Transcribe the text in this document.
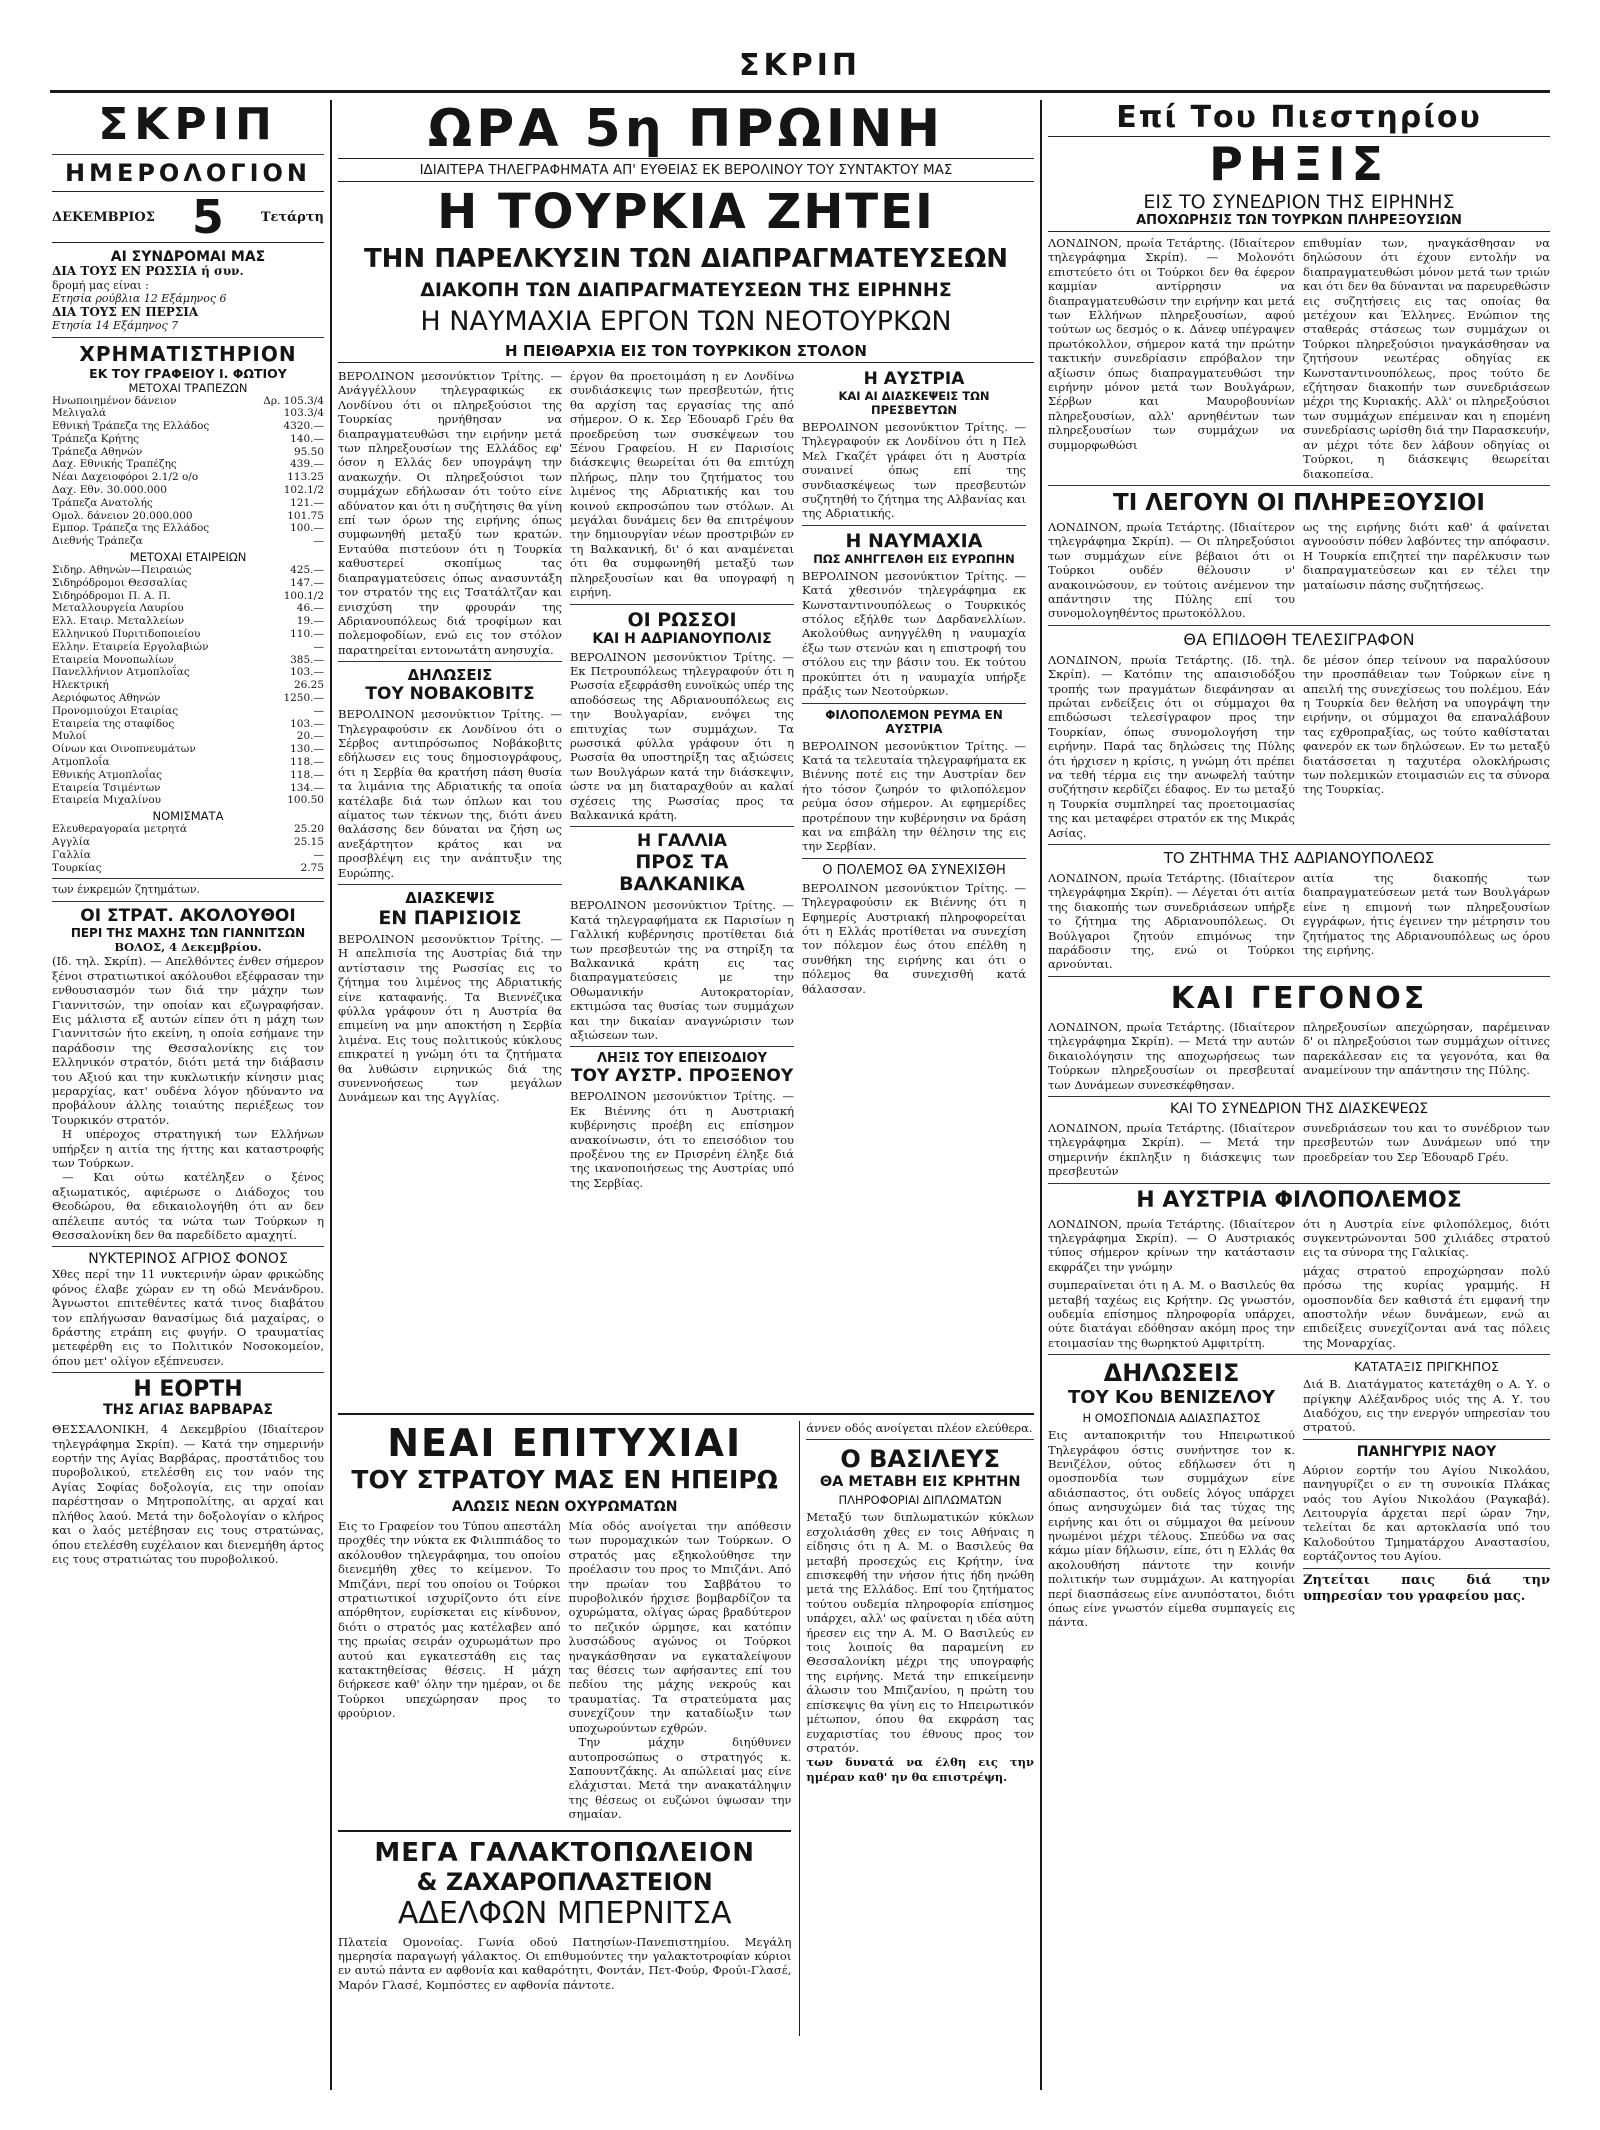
ΣΚΡΙΠ
ΣΚΡΙΠ
ΗΜΕΡΟΛΟΓΙΟΝ
ΔΕΚΕΜΒΡΙΟΣ 5	Τετάρτη
ΑΙ ΣΥΝΔΡΟΜΑΙ ΜΑΣ
ΔΙΑ ΤΟΥΣ ΕΝ ΡΩΣΣΙΑ ή συν.
δρομή μας είναι :
Ετησία ρούβλια 12 Εξάμηνος 6
ΔΙΑ ΤΟΥΣ ΕΝ ΠΕΡΣΙΑ
Ετησία 14 Εξάμηνος 7
ΧΡΗΜΑΤΙΣΤΗΡΙΟΝ
ΕΚ ΤΟΥ ΓΡΑΦΕΙΟΥ Ι. ΦΩΤΙΟΥ
ΜΕΤΟΧΑΙ ΤΡΑΠΕΖΩΝ
Ηνωποιημένον δάνειον	Δρ. 105.3/4
Μελιγαλά	103.3/4
Εθνική Τράπεζα της Ελλάδος	4320.—
Τράπεζα Κρήτης	140.—
Τράπεζα Αθηνών	95.50
Δαχ. Εθνικής Τραπέζης	439.—
Νέαι Δαχειοφόροι 2.1/2 ο/ο	113.25
Δαχ. Εθν. 30.000.000	102.1/2
Τράπεζα Ανατολής	121.—
Ομολ. δάνειον 20.000.000	101.75
Εμπορ. Τράπεζα της Ελλάδος	100.—
Διεθνής Τράπεζα	—
ΜΕΤΟΧΑΙ ΕΤΑΙΡΕΙΩΝ
Σιδηρ. Αθηνών—Πειραιώς	425.—
Σιδηρόδρομοι Θεσσαλίας	147.—
Σιδηρόδρομοι Π. Α. Π.	100.1/2
Μεταλλουργεία Λαυρίου	46.—
Ελλ. Εταιρ. Μεταλλείων	19.—
Ελληνικού Πυριτιδοποιείου	110.—
Ελλην. Εταιρεία Εργολαβιών	—
Εταιρεία Μονοπωλίων	385.—
Πανελλήνιον Ατμοπλοΐας	103.—
Ηλεκτρική	26.25
Αεριόφωτος Αθηνών	1250.—
Προνομιούχοι Εταιρίας	—
Εταιρεία της σταφίδος	103.—
Μυλοί	20.—
Οίνων και Οινοπνευμάτων	130.—
Ατμοπλοΐα	118.—
Εθνικής Ατμοπλοΐας	118.—
Εταιρεία Τσιμέντων	134.—
Εταιρεία Μιχαλίνου	100.50
ΝΟΜΙΣΜΑΤΑ
Ελευθεραγοραία μετρητά	25.20
Αγγλία	25.15
Γαλλία	—
Τουρκίας	2.75
των ένκρεμών ζητημάτων.
ΟΙ ΣΤΡΑΤ. ΑΚΟΛΟΥΘΟΙ
ΠΕΡΙ ΤΗΣ ΜΑΧΗΣ ΤΩΝ ΓΙΑΝΝΙΤΣΩΝ

ΒΟΛΟΣ, 4 Δεκεμβρίου.

(Ιδ. τηλ. Σκρίπ). — Απελθόντες ένθεν σήμερον ξένοι στρατιωτικοί ακόλουθοι εξέφρασαν την ενθουσιασμόν των διά την μάχην των Γιαννιτσών, την οποίαν και εζωγραφήσαν. Εις μάλιστα εξ αυτών είπεν ότι η μάχη των Γιαννιτσών ήτο εκείνη, η οποία εσήμανε την παράδοσιν της Θεσσαλονίκης εις τον Ελληνικόν στρατόν, διότι μετά την διάβασιν του Αξιού και την κυκλωτικήν κίνησιν μιας μεραρχίας, κατ' ουδένα λόγον ηδύναντο να προβάλουν άλλης τοιαύτης περιέξεως τον Τουρκικόν στρατόν.

Η υπέροχος στρατηγική των Ελλήνων υπήρξεν η αιτία της ήττης και καταστροφής των Τούρκων.

— Και ούτω κατέληξεν ο ξένος αξιωματικός, αφιέρωσε ο Διάδοχος του Θεοδώρου, θα εδικαιολογήθη ότι αν δεν απέλειπε αυτός τα νώτα των Τούρκων η Θεσσαλονίκη δεν θα παρεδίδετο αμαχητί.

ΝΥΚΤΕΡΙΝΟΣ ΑΓΡΙΟΣ ΦΟΝΟΣ

Χθες περί την 11 νυκτερινήν ώραν φρικώδης φόνος έλαβε χώραν εν τη οδώ Μενάνδρου. Άγνωστοι επιτεθέντες κατά τινος διαβάτου τον επλήγωσαν θανασίμως διά μαχαίρας, ο δράστης ετράπη εις φυγήν. Ο τραυματίας μετεφέρθη εις το Πολιτικόν Νοσοκομείον, όπου μετ' ολίγον εξέπνευσεν.

Η ΕΟΡΤΗ
ΤΗΣ ΑΓΙΑΣ ΒΑΡΒΑΡΑΣ

ΘΕΣΣΑΛΟΝΙΚΗ, 4 Δεκεμβρίου (Ιδιαίτερον τηλεγράφημα Σκρίπ). — Κατά την σημερινήν εορτήν της Αγίας Βαρβάρας, προστάτιδος του πυροβολικού, ετελέσθη εις τον ναόν της Αγίας Σοφίας δοξολογία, εις την οποίαν παρέστησαν ο Μητροπολίτης, αι αρχαί και πλήθος λαού. Μετά την δοξολογίαν ο κλήρος και ο λαός μετέβησαν εις τους στρατώνας, όπου ετελέσθη ευχέλαιον και διενεμήθη άρτος εις τους στρατιώτας του πυροβολικού.

ΩΡΑ 5η ΠΡΩΙΝΗ
ΙΔΙΑΙΤΕΡΑ ΤΗΛΕΓΡΑΦΗΜΑΤΑ ΑΠ' ΕΥΘΕΙΑΣ ΕΚ ΒΕΡΟΛΙΝΟΥ ΤΟΥ ΣΥΝΤΑΚΤΟΥ ΜΑΣ
Η ΤΟΥΡΚΙΑ ΖΗΤΕΙ
ΤΗΝ ΠΑΡΕΛΚΥΣΙΝ ΤΩΝ ΔΙΑΠΡΑΓΜΑΤΕΥΣΕΩΝ
ΔΙΑΚΟΠΗ ΤΩΝ ΔΙΑΠΡΑΓΜΑΤΕΥΣΕΩΝ ΤΗΣ ΕΙΡΗΝΗΣ
Η ΝΑΥΜΑΧΙΑ ΕΡΓΟΝ ΤΩΝ ΝΕΟΤΟΥΡΚΩΝ
Η ΠΕΙΘΑΡΧΙΑ ΕΙΣ ΤΟΝ ΤΟΥΡΚΙΚΟΝ ΣΤΟΛΟΝ

ΒΕΡΟΛΙΝΟΝ μεσονύκτιον Τρίτης. — Ανάγγέλλουν τηλεγραφικώς εκ Λονδίνου ότι οι πληρεξούσιοι της Τουρκίας ηρνήθησαν να διαπραγματευθώσι την ειρήνην μετά των πληρεξουσίων της Ελλάδος εφ' όσον η Ελλάς δεν υπογράψη την ανακωχήν. Οι πληρεξούσιοι των συμμάχων εδήλωσαν ότι τούτο είνε αδύνατον και ότι η συζήτησις θα γίνη επί των όρων της ειρήνης όπως συμφωνηθή μεταξύ των κρατών. Ενταύθα πιστεύουν ότι η Τουρκία καθυστερεί σκοπίμως τας διαπραγματεύσεις όπως ανασυντάξη τον στρατόν της εις Τσατάλτζαν και ενισχύση την φρουράν της Αδριανουπόλεως διά τροφίμων και πολεμοφοδίων, ενώ εις τον στόλον παρατηρείται εντονωτάτη ανησυχία.

ΔΗΛΩΣΕΙΣ
ΤΟΥ ΝΟΒΑΚΟΒΙΤΣ

ΒΕΡΟΛΙΝΟΝ μεσονύκτιον Τρίτης. — Τηλεγραφούσιν εκ Λονδίνου ότι ο Σέρβος αντιπρόσωπος Νοβάκοβιτς εδήλωσεν εις τους δημοσιογράφους, ότι η Σερβία θα κρατήση πάση θυσία τα λιμάνια της Αδριατικής τα οποία κατέλαβε διά των όπλων και του αίματος των τέκνων της, διότι άνευ θαλάσσης δεν δύναται να ζήση ως ανεξάρτητον κράτος και να προσβλέψη εις την ανάπτυξιν της Ευρώπης.

ΔΙΑΣΚΕΨΙΣ
ΕΝ ΠΑΡΙΣΙΟΙΣ

ΒΕΡΟΛΙΝΟΝ μεσονύκτιον Τρίτης. — Η απελπισία της Αυστρίας διά την αντίστασιν της Ρωσσίας εις το ζήτημα του λιμένος της Αδριατικής είνε καταφανής. Τα Βιεννέζικα φύλλα γράφουν ότι η Αυστρία θα επιμείνη να μην αποκτήση η Σερβία λιμένα. Εις τους πολιτικούς κύκλους επικρατεί η γνώμη ότι τα ζητήματα θα λυθώσιν ειρηνικώς διά της συνεννοήσεως των μεγάλων Δυνάμεων και της Αγγλίας.

έργον θα προετοιμάση η εν Λονδίνω συνδιάσκεψις των πρεσβευτών, ήτις θα αρχίση τας εργασίας της από σήμερον. Ο κ. Σερ Έδουαρδ Γρέυ θα προεδρεύση των συσκέψεων του Ξένου Γραφείου. Η εν Παρισίοις διάσκεψις θεωρείται ότι θα επιτύχη πλήρως, πλην του ζητήματος του λιμένος της Αδριατικής και του κοινού εκπροσώπου των στόλων. Αι μεγάλαι δυνάμεις δεν θα επιτρέψουν την δημιουργίαν νέων προστριβών εν τη Βαλκανική, δι' ό και αναμένεται ότι θα συμφωνηθή μεταξύ των πληρεξουσίων και θα υπογραφή η ειρήνη.

ΟΙ ΡΩΣΣΟΙ
ΚΑΙ Η ΑΔΡΙΑΝΟΥΠΟΛΙΣ

ΒΕΡΟΛΙΝΟΝ μεσονύκτιον Τρίτης. — Εκ Πετρουπόλεως τηλεγραφούν ότι η Ρωσσία εξεφράσθη ευνοϊκώς υπέρ της αποδόσεως της Αδριανουπόλεως εις την Βουλγαρίαν, ενόψει της επιτυχίας των συμμάχων. Τα ρωσσικά φύλλα γράφουν ότι η Ρωσσία θα υποστηρίξη τας αξιώσεις των Βουλγάρων κατά την διάσκεψιν, ώστε να μη διαταραχθούν αι καλαί σχέσεις της Ρωσσίας προς τα Βαλκανικά κράτη.

Η ΓΑΛΛΙΑ
ΠΡΟΣ ΤΑ ΒΑΛΚΑΝΙΚΑ

ΒΕΡΟΛΙΝΟΝ μεσονύκτιον Τρίτης. — Κατά τηλεγραφήματα εκ Παρισίων η Γαλλική κυβέρνησις προτίθεται διά των πρεσβευτών της να στηρίξη τα Βαλκανικά κράτη εις τας διαπραγματεύσεις με την Οθωμανικήν Αυτοκρατορίαν, εκτιμώσα τας θυσίας των συμμάχων και την δικαίαν αναγνώρισιν των αξιώσεων των.

ΛΗΞΙΣ ΤΟΥ ΕΠΕΙΣΟΔΙΟΥ
ΤΟΥ ΑΥΣΤΡ. ΠΡΟΞΕΝΟΥ

ΒΕΡΟΛΙΝΟΝ μεσονύκτιον Τρίτης. — Εκ Βιέννης ότι η Αυστριακή κυβέρνησις προέβη εις επίσημον ανακοίνωσιν, ότι το επεισόδιον του προξένου της εν Πρισρένη έληξε διά της ικανοποιήσεως της Αυστρίας υπό της Σερβίας.

Η ΑΥΣΤΡΙΑ
ΚΑΙ ΑΙ ΔΙΑΣΚΕΨΕΙΣ ΤΩΝ ΠΡΕΣΒΕΥΤΩΝ

ΒΕΡΟΛΙΝΟΝ μεσονύκτιον Τρίτης. — Τηλεγραφούν εκ Λονδίνου ότι η Πελ Μελ Γκαζέτ γράφει ότι η Αυστρία συναινεί όπως επί της συνδιασκέψεως των πρεσβευτών συζητηθή το ζήτημα της Αλβανίας και της Αδριατικής.

Η ΝΑΥΜΑΧΙΑ
ΠΩΣ ΑΝΗΓΓΕΛΘΗ ΕΙΣ ΕΥΡΩΠΗΝ

ΒΕΡΟΛΙΝΟΝ μεσονύκτιον Τρίτης. — Κατά χθεσινόν τηλεγράφημα εκ Κωνσταντινουπόλεως ο Τουρκικός στόλος εξήλθε των Δαρδανελλίων. Ακολούθως ανηγγέλθη η ναυμαχία έξω των στενών και η επιστροφή του στόλου εις την βάσιν του. Εκ τούτου προκύπτει ότι η ναυμαχία υπήρξε πράξις των Νεοτούρκων.

ΦΙΛΟΠΟΛΕΜΟΝ ΡΕΥΜΑ ΕΝ ΑΥΣΤΡΙΑ

ΒΕΡΟΛΙΝΟΝ μεσονύκτιον Τρίτης. — Κατά τα τελευταία τηλεγραφήματα εκ Βιέννης ποτέ εις την Αυστρίαν δεν ήτο τόσον ζωηρόν το φιλοπόλεμον ρεύμα όσον σήμερον. Αι εφημερίδες προτρέπουν την κυβέρνησιν να δράση και να επιβάλη την θέλησιν της εις την Σερβίαν.

Ο ΠΟΛΕΜΟΣ ΘΑ ΣΥΝΕΧΙΣΘΗ

ΒΕΡΟΛΙΝΟΝ μεσονύκτιον Τρίτης. — Τηλεγραφούσιν εκ Βιέννης ότι η Εφημερίς Αυστριακή πληροφορείται ότι η Ελλάς προτίθεται να συνεχίση τον πόλεμον έως ότου επέλθη η συνθήκη της ειρήνης και ότι ο πόλεμος θα συνεχισθή κατά θάλασσαν.

ΝΕΑΙ ΕΠΙΤΥΧΙΑΙ
ΤΟΥ ΣΤΡΑΤΟΥ ΜΑΣ ΕΝ ΗΠΕΙΡΩ
ΑΛΩΣΙΣ ΝΕΩΝ ΟΧΥΡΩΜΑΤΩΝ

Εις το Γραφείον του Τύπου απεστάλη προχθές την νύκτα εκ Φιλιππιάδος το ακόλουθον τηλεγράφημα, του οποίου διενεμήθη χθες το κείμενον. Το Μπιζάνι, περί του οποίου οι Τούρκοι στρατιωτικοί ισχυρίζοντο ότι είνε απόρθητον, ευρίσκεται εις κίνδυνον, διότι ο στρατός μας κατέλαβεν από της πρωίας σειράν οχυρωμάτων προ αυτού και εγκατεστάθη εις τας κατακτηθείσας θέσεις. Η μάχη διήρκεσε καθ' όλην την ημέραν, οι δε Τούρκοι υπεχώρησαν προς το φρούριον.

Μία οδός ανοίγεται την απόθεσιν των πυρομαχικών των Τούρκων. Ο στρατός μας εξηκολούθησε την προέλασιν του προς το Μπιζάνι. Από την πρωίαν του Σαββάτου το πυροβολικόν ήρχισε βομβαρδίζον τα οχυρώματα, ολίγας ώρας βραδύτερον το πεζικόν ώρμησε, και κατόπιν λυσσώδους αγώνος οι Τούρκοι ηναγκάσθησαν να εγκαταλείψουν τας θέσεις των αφήσαντες επί του πεδίου της μάχης νεκρούς και τραυματίας. Τα στρατεύματα μας συνεχίζουν την καταδίωξιν των υποχωρούντων εχθρών.

Την μάχην διηύθυνεν αυτοπροσώπως ο στρατηγός κ. Σαπουντζάκης. Αι απώλειαί μας είνε ελάχισται. Μετά την ανακατάληψιν της θέσεως οι ευζώνοι ύψωσαν την σημαίαν.

ΜΕΓΑ ΓΑΛΑΚΤΟΠΩΛΕΙΟΝ
& ΖΑΧΑΡΟΠΛΑΣΤΕΙΟΝ
ΑΔΕΛΦΩΝ ΜΠΕΡΝΙΤΣΑ

Πλατεία Ομονοίας. Γωνία οδού Πατησίων-Πανεπιστημίου. Μεγάλη ημερησία παραγωγή γάλακτος. Οι επιθυμούντες την γαλακτοτροφίαν κύριοι εν αυτώ πάντα εν αφθονία και καθαρότητι, Φοντάν, Πετ-Φούρ, Φρούι-Γλασέ, Μαρόν Γλασέ, Κομπόστες εν αφθονία πάντοτε.

άννεν οδός ανοίγεται πλέον ελεύθερα.

Ο ΒΑΣΙΛΕΥΣ
ΘΑ ΜΕΤΑΒΗ ΕΙΣ ΚΡΗΤΗΝ
ΠΛΗΡΟΦΟΡΙΑΙ ΔΙΠΛΩΜΑΤΩΝ

Μεταξύ των διπλωματικών κύκλων εσχολιάσθη χθες εν τοις Αθήναις η είδησις ότι η Α. Μ. ο Βασιλεύς θα μεταβή προσεχώς εις Κρήτην, ίνα επισκεφθή την νήσον ήτις ήδη ηνώθη μετά της Ελλάδος. Επί του ζητήματος τούτου ουδεμία πληροφορία επίσημος υπάρχει, αλλ' ως φαίνεται η ιδέα αύτη ήρεσεν εις την Α. Μ. Ο Βασιλεύς εν τοις λοιποίς θα παραμείνη εν Θεσσαλονίκη μέχρι της υπογραφής της ειρήνης. Μετά την επικείμενην άλωσιν του Μπιζανίου, η πρώτη του επίσκεψις θα γίνη εις το Ηπειρωτικόν μέτωπον, όπου θα εκφράση τας ευχαριστίας του έθνους προς τον στρατόν.

των δυνατά να έλθη εις την ημέραν καθ' ην θα επιστρέψη.

Επί Του Πιεστηρίου
ΡΗΞΙΣ
ΕΙΣ ΤΟ ΣΥΝΕΔΡΙΟΝ ΤΗΣ ΕΙΡΗΝΗΣ
ΑΠΟΧΩΡΗΣΙΣ ΤΩΝ ΤΟΥΡΚΩΝ ΠΛΗΡΕΞΟΥΣΙΩΝ

ΛΟΝΔΙΝΟΝ, πρωία Τετάρτης. (Ιδιαίτερον τηλεγράφημα Σκρίπ). — Μολονότι επιστεύετο ότι οι Τούρκοι δεν θα έφερον καμμίαν αντίρρησιν να διαπραγματευθώσιν την ειρήνην και μετά των Ελλήνων πληρεξουσίων, αφού τούτων ως δεσμός ο κ. Δάνεφ υπέγραψεν πρωτόκολλον, σήμερον κατά την πρώτην τακτικήν συνεδρίασιν επρόβαλον την αξίωσιν όπως διαπραγματευθώσι την ειρήνην μόνον μετά των Βουλγάρων, Σέρβων και Μαυροβουνίων πληρεξουσίων, αλλ' αρνηθέντων των πληρεξουσίων των συμμάχων να συμμορφωθώσι

επιθυμίαν των, ηναγκάσθησαν να δηλώσουν ότι έχουν εντολήν να διαπραγματευθώσι μόνον μετά των τριών και ότι δεν θα δύνανται να παρευρεθώσιν εις συζητήσεις εις τας οποίας θα μετέχουν και Έλληνες. Ενώπιον της σταθεράς στάσεως των συμμάχων οι Τούρκοι πληρεξούσιοι ηναγκάσθησαν να ζητήσουν νεωτέρας οδηγίας εκ Κωνσταντινουπόλεως, προς τούτο δε εζήτησαν διακοπήν των συνεδριάσεων μέχρι της Κυριακής. Αλλ' οι πληρεξούσιοι των συμμάχων επέμειναν και η επομένη συνεδρίασις ωρίσθη διά την Παρασκευήν, αν μέχρι τότε δεν λάβουν οδηγίας οι Τούρκοι, η διάσκεψις θεωρείται διακοπείσα.

ΤΙ ΛΕΓΟΥΝ ΟΙ ΠΛΗΡΕΞΟΥΣΙΟΙ

ΛΟΝΔΙΝΟΝ, πρωία Τετάρτης. (Ιδιαίτερον τηλεγράφημα Σκρίπ). — Οι πληρεξούσιοι των συμμάχων είνε βέβαιοι ότι οι Τούρκοι ουδέν θέλουσιν ν' ανακοινώσουν, εν τούτοις ανέμενον την απάντησιν της Πύλης επί του συνομολογηθέντος πρωτοκόλλου.

ως της ειρήνης διότι καθ' ά φαίνεται αγνοούσιν πόθεν λαβόντες την απόφασιν. Η Τουρκία επιζητεί την παρέλκυσιν των διαπραγματεύσεων και εν τέλει την ματαίωσιν πάσης συζητήσεως.

ΘΑ ΕΠΙΔΟΘΗ ΤΕΛΕΣΙΓΡΑΦΟΝ

ΛΟΝΔΙΝΟΝ, πρωία Τετάρτης. (Ιδ. τηλ. Σκρίπ). — Κατόπιν της απαισιοδόξου τροπής των πραγμάτων διεφάνησαν αι πρώται ενδείξεις ότι οι σύμμαχοι θα επιδώσωσι τελεσίγραφον προς την Τουρκίαν, όπως συνομολογήση την ειρήνην. Παρά τας δηλώσεις της Πύλης ότι ήρχισεν η κρίσις, η γνώμη ότι πρέπει να τεθή τέρμα εις την ανωφελή ταύτην συζήτησιν κερδίζει έδαφος. Εν τω μεταξύ η Τουρκία συμπληρεί τας προετοιμασίας της και μεταφέρει στρατόν εκ της Μικράς Ασίας.

δε μέσον όπερ τείνουν να παραλύσουν την προσπάθειαν των Τούρκων είνε η απειλή της συνεχίσεως του πολέμου. Εάν η Τουρκία δεν θελήση να υπογράψη την ειρήνην, οι σύμμαχοι θα επαναλάβουν τας εχθροπραξίας, ως τούτο καθίσταται φανερόν εκ των δηλώσεων. Εν τω μεταξύ διατάσσεται η ταχυτέρα ολοκλήρωσις των πολεμικών ετοιμασιών εις τα σύνορα της Τουρκίας.

ΤΟ ΖΗΤΗΜΑ ΤΗΣ ΑΔΡΙΑΝΟΥΠΟΛΕΩΣ

ΛΟΝΔΙΝΟΝ, πρωία Τετάρτης. (Ιδιαίτερον τηλεγράφημα Σκρίπ). — Λέγεται ότι αιτία της διακοπής των συνεδριάσεων υπήρξε το ζήτημα της Αδριανουπόλεως. Οι Βούλγαροι ζητούν επιμόνως την παράδοσιν της, ενώ οι Τούρκοι αρνούνται.

αιτία της διακοπής των διαπραγματεύσεων μετά των Βουλγάρων είνε η επιμονή των πληρεξουσίων εγγράφων, ήτις έγεινεν την μέτρησιν του ζητήματος της Αδριανουπόλεως ως όρου της ειρήνης.

ΚΑΙ ΓΕΓΟΝΟΣ

ΛΟΝΔΙΝΟΝ, πρωία Τετάρτης. (Ιδιαίτερον τηλεγράφημα Σκρίπ). — Μετά την αυτών δικαιολόγησιν της αποχωρήσεως των Τούρκων πληρεξουσίων οι πρεσβευταί των Δυνάμεων συνεσκέφθησαν.

πληρεξουσίων απεχώρησαν, παρέμειναν δ' οι πληρεξούσιοι των συμμάχων οίτινες παρεκάλεσαν εις τα γεγονότα, και θα αναμείνουν την απάντησιν της Πύλης.

ΚΑΙ ΤΟ ΣΥΝΕΔΡΙΟΝ ΤΗΣ ΔΙΑΣΚΕΨΕΩΣ

ΛΟΝΔΙΝΟΝ, πρωία Τετάρτης. (Ιδιαίτερον τηλεγράφημα Σκρίπ). — Μετά την σημερινήν έκπληξιν η διάσκεψις των πρεσβευτών

συνεδριάσεων του και το συνέδριον των πρεσβευτών των Δυνάμεων υπό την προεδρείαν του Σερ Έδουαρδ Γρέυ.

Η ΑΥΣΤΡΙΑ ΦΙΛΟΠΟΛΕΜΟΣ

ΛΟΝΔΙΝΟΝ, πρωία Τετάρτης. (Ιδιαίτερον τηλεγράφημα Σκρίπ). — Ο Αυστριακός τύπος σήμερον κρίνων την κατάστασιν εκφράζει την γνώμην

συμπεραίνεται ότι η Α. Μ. ο Βασιλεύς θα μεταβή ταχέως εις Κρήτην. Ως γνωστόν, ουδεμία επίσημος πληροφορία υπάρχει, ούτε διατάγαι εδόθησαν ακόμη προς την ετοιμασίαν της θωρηκτού Αμφιτρίτη.

ότι η Αυστρία είνε φιλοπόλεμος, διότι συγκεντρώνονται 500 χιλιάδες στρατού εις τα σύνορα της Γαλικίας.

μάχας στρατού επροχώρησαν πολύ πρόσω της κυρίας γραμμής. Η ομοσπονδία δεν καθιστά έτι εμφανή την αποστολήν νέων δυνάμεων, ενώ αι επιδείξεις συνεχίζονται ανά τας πόλεις της Μοναρχίας.

ΔΗΛΩΣΕΙΣ
ΤΟΥ Κου ΒΕΝΙΖΕΛΟΥ
Η ΟΜΟΣΠΟΝΔΙΑ ΑΔΙΑΣΠΑΣΤΟΣ

Εις ανταποκριτήν του Ηπειρωτικού Τηλεγράφου όστις συνήντησε τον κ. Βενιζέλον, ούτος εδήλωσεν ότι η ομοσπονδία των συμμάχων είνε αδιάσπαστος, ότι ουδείς λόγος υπάρχει όπως ανησυχώμεν διά τας τύχας της ειρήνης και ότι οι σύμμαχοι θα μείνουν ηνωμένοι μέχρι τέλους. Σπεύδω να σας κάμω μίαν δήλωσιν, είπε, ότι η Ελλάς θα ακολουθήση πάντοτε την κοινήν πολιτικήν των συμμάχων. Αι κατηγορίαι περί διασπάσεως είνε ανυπόστατοι, διότι όπως είνε γνωστόν είμεθα συμπαγείς εις πάντα.

ΚΑΤΑΤΑΞΙΣ ΠΡΙΓΚΗΠΟΣ

Διά Β. Διατάγματος κατετάχθη ο Α. Υ. ο πρίγκηψ Αλέξανδρος υιός της Α. Υ. του Διαδόχου, εις την ενεργόν υπηρεσίαν του στρατού.

ΠΑΝΗΓΥΡΙΣ ΝΑΟΥ

Αύριον εορτήν του Αγίου Νικολάου, πανηγυρίζει ο εν τη συνοικία Πλάκας ναός του Αγίου Νικολάου (Ραγκαβά). Λειτουργία άρχεται περί ώραν 7ην, τελείται δε και αρτοκλασία υπό του Καλοδούτου Τμηματάρχου Αναστασίου, εορτάζοντος του Αγίου.

Ζητείται παις διά την υπηρεσίαν του γραφείου μας.
